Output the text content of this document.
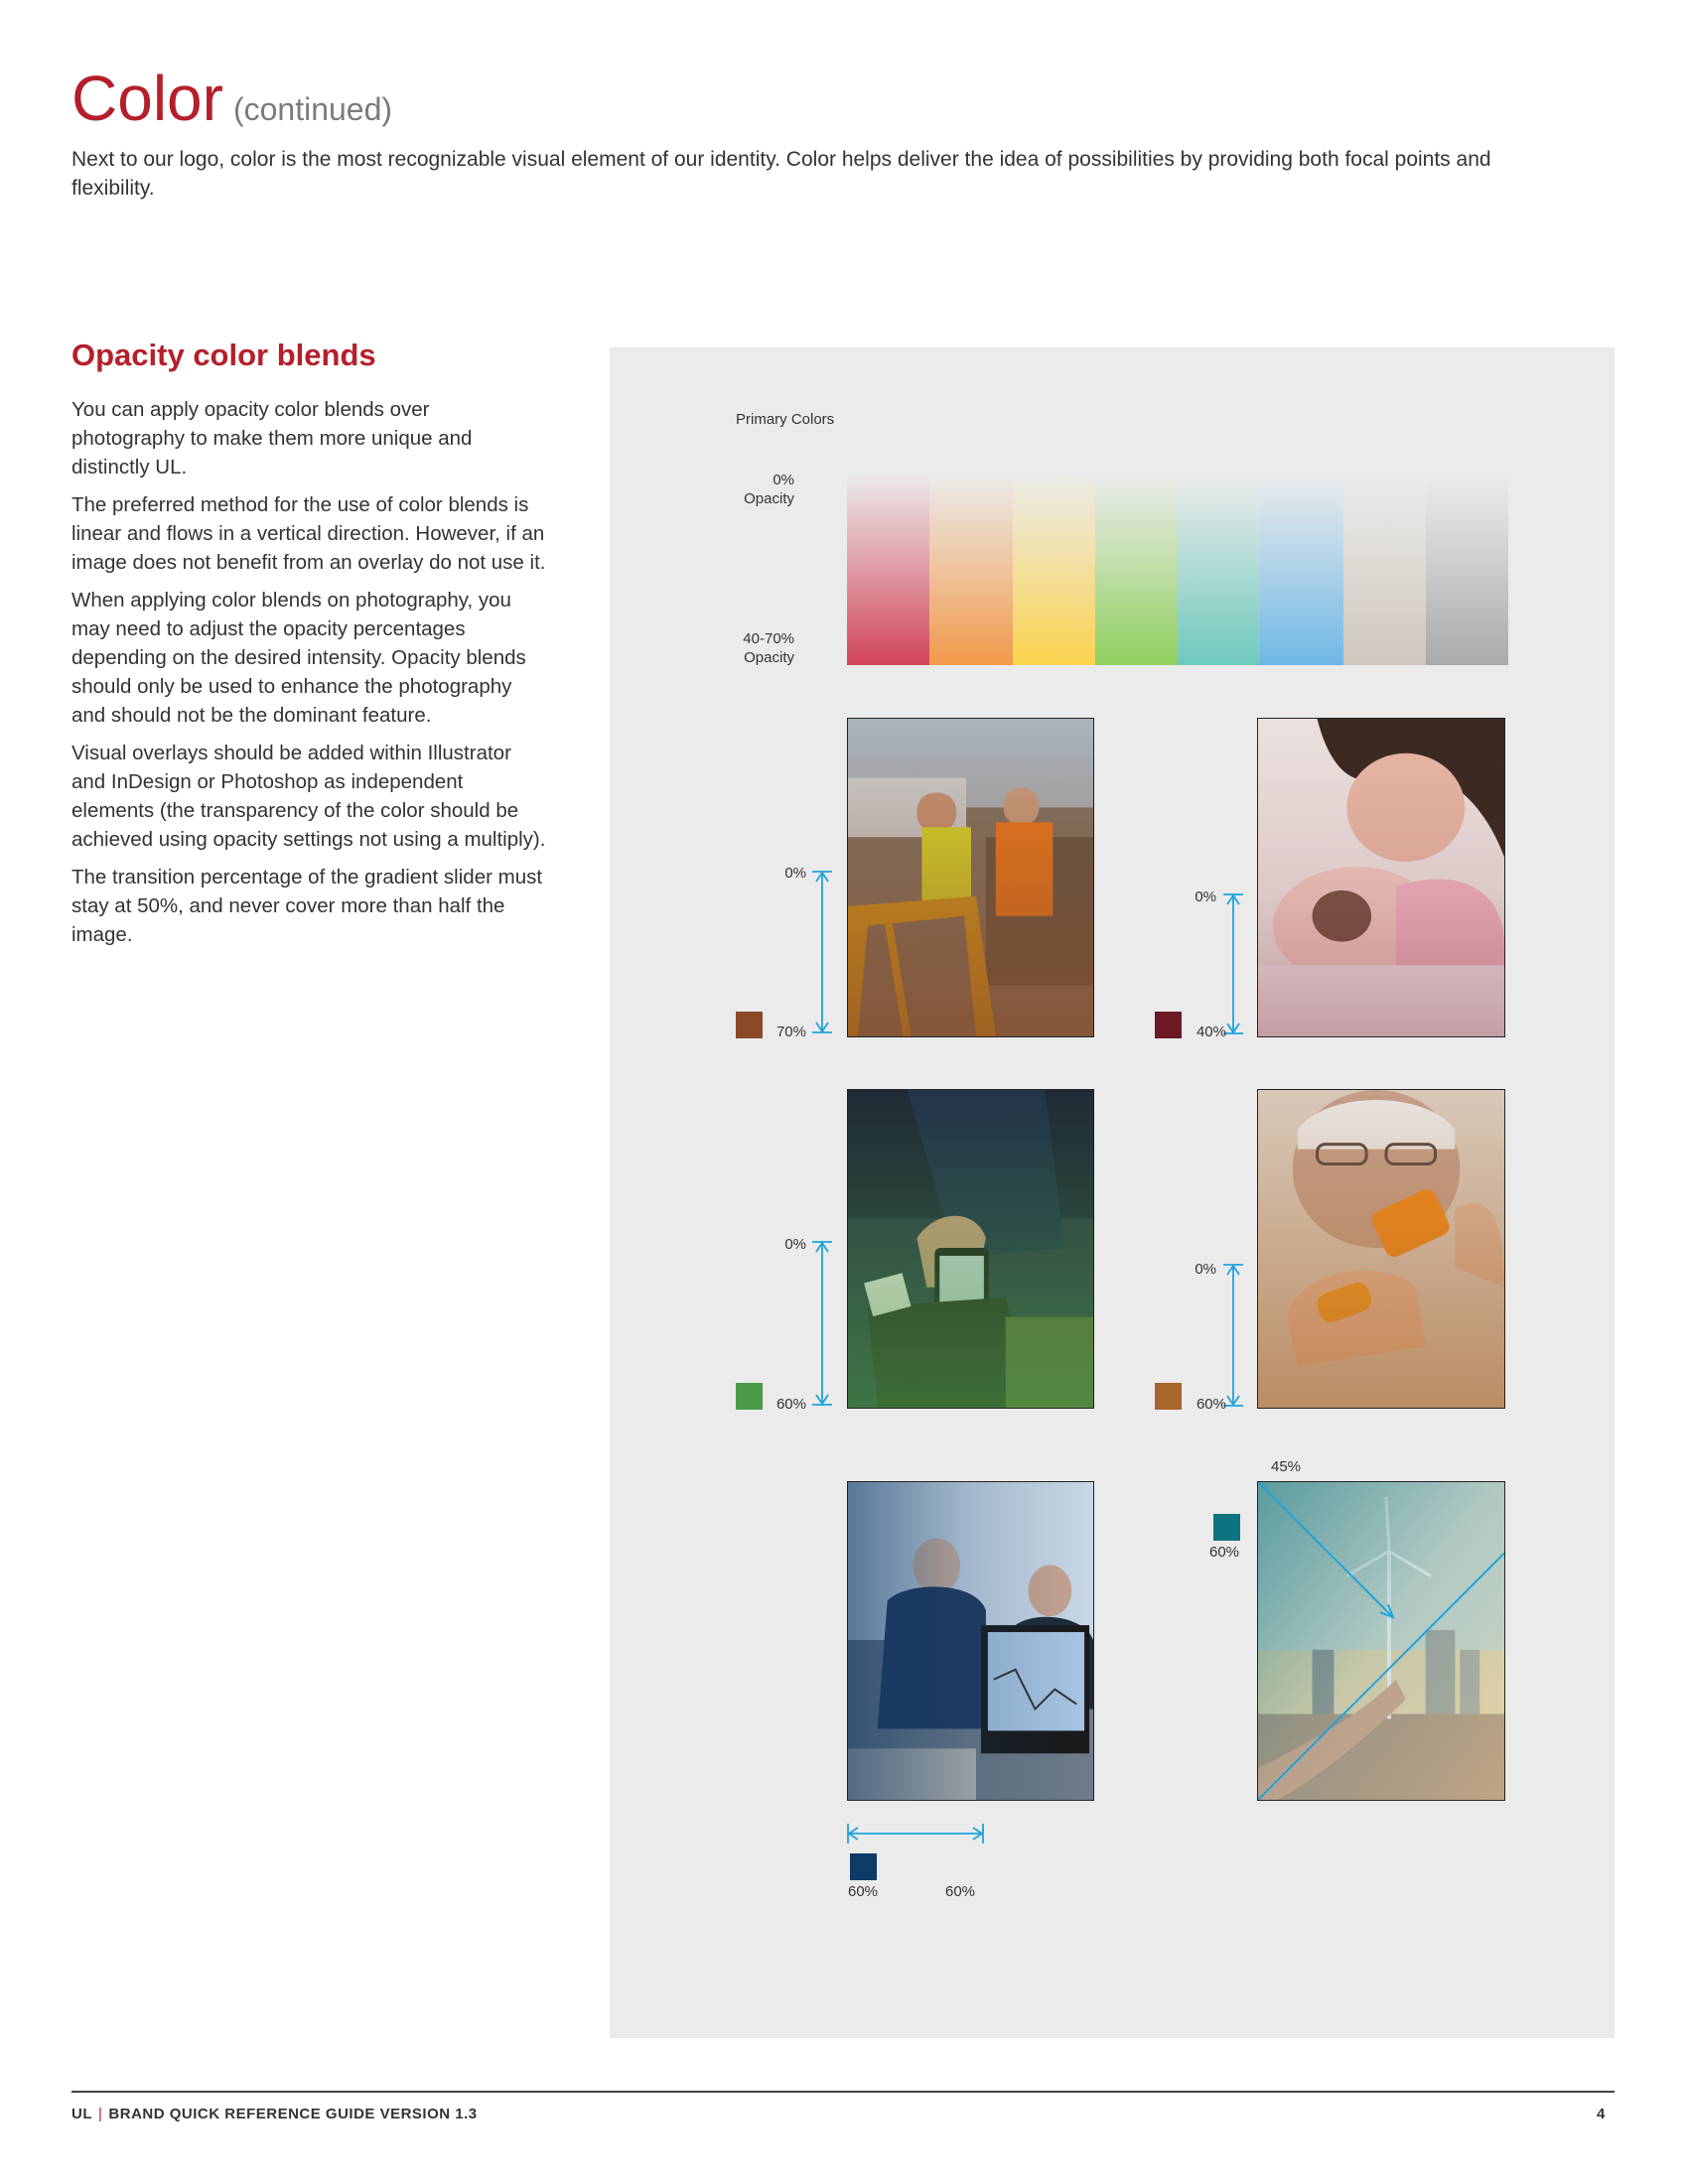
Color (continued)
Next to our logo, color is the most recognizable visual element of our identity. Color helps deliver the idea of possibilities by providing both focal points and flexibility.
Opacity color blends

You can apply opacity color blends over photography to make them more unique and distinctly UL.

The preferred method for the use of color blends is linear and flows in a vertical direction. However, if an image does not benefit from an overlay do not use it.

When applying color blends on photography, you may need to adjust the opacity percentages depending on the desired intensity. Opacity blends should only be used to enhance the photography and should not be the dominant feature.

Visual overlays should be added within Illustrator and InDesign or Photoshop as independent elements (the transparency of the color should be achieved using opacity settings not using a multiply).

The transition percentage of the gradient slider must stay at 50%, and never cover more than half the image.

Primary Colors
0%
Opacity
40-70%
Opacity
0%
70%
0%
40%
0%
60%
0%
60%
60%	60%
45%
60%
UL | BRAND QUICK REFERENCE GUIDE VERSION 1.3	4
